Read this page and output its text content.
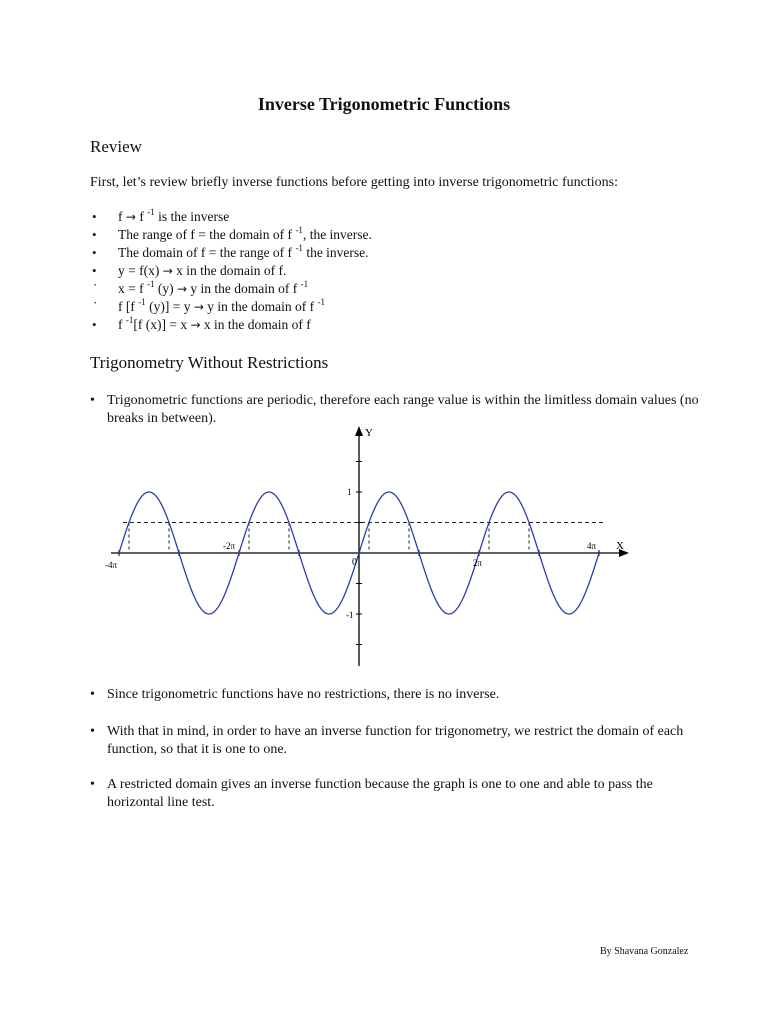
Inverse Trigonometric Functions
Review
First, let’s review briefly inverse functions before getting into inverse trigonometric functions:
• f → f $^{-1}$ is the inverse
• The range of f = the domain of f $^{-1}$, the inverse.
• The domain of f = the range of f $^{-1}$ the inverse.
• y = f(x) → x in the domain of f.
· x = f $^{-1}$ (y) → y in the domain of f $^{-1}$
· f [f $^{-1}$ (y)] = y → y in the domain of f $^{-1}$
• f $^{-1}$[f (x)] = x → x in the domain of f
Trigonometry Without Restrictions
• Trigonometric functions are periodic, therefore each range value is within the limitless domain values (no breaks in between).
Y
X
1
-1
-4π
-2π
0	2π
4π
• Since trigonometric functions have no restrictions, there is no inverse.
• With that in mind, in order to have an inverse function for trigonometry, we restrict the domain of each function, so that it is one to one.
• A restricted domain gives an inverse function because the graph is one to one and able to pass the horizontal line test.
By Shavana Gonzalez
